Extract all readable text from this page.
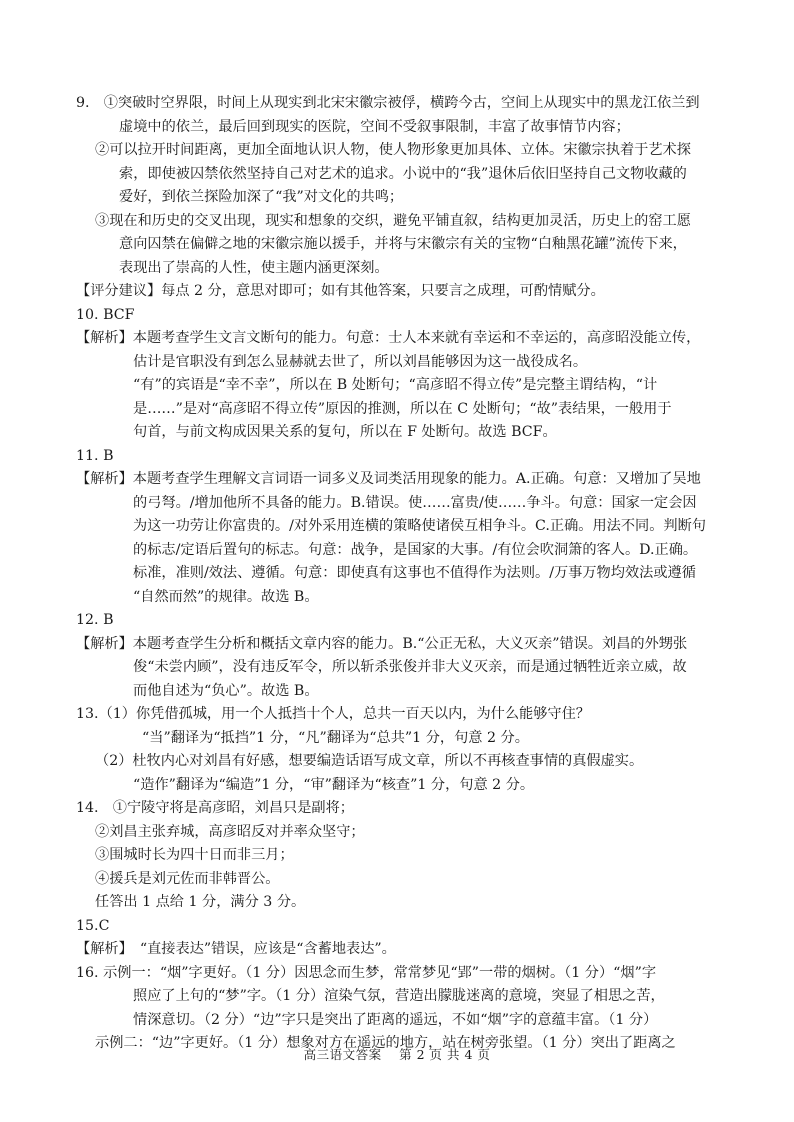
9.　①突破时空界限，时间上从现实到北宋宋徽宗被俘，横跨今古，空间上从现实中的黑龙江依兰到
虚境中的依兰，最后回到现实的医院，空间不受叙事限制，丰富了故事情节内容；
②可以拉开时间距离，更加全面地认识人物，使人物形象更加具体、立体。宋徽宗执着于艺术探
索，即使被囚禁依然坚持自己对艺术的追求。小说中的“我”退休后依旧坚持自己文物收藏的
爱好，到依兰探险加深了“我”对文化的共鸣；
③现在和历史的交叉出现，现实和想象的交织，避免平铺直叙，结构更加灵活，历史上的窑工愿
意向囚禁在偏僻之地的宋徽宗施以援手，并将与宋徽宗有关的宝物“白釉黑花罐”流传下来，
表现出了崇高的人性，使主题内涵更深刻。
【评分建议】每点 2 分，意思对即可；如有其他答案，只要言之成理，可酌情赋分。
10. BCF
【解析】本题考查学生文言文断句的能力。句意：士人本来就有幸运和不幸运的，高彦昭没能立传，
估计是官职没有到怎么显赫就去世了，所以刘昌能够因为这一战役成名。
“有”的宾语是“幸不幸”，所以在 B 处断句；“高彦昭不得立传”是完整主谓结构，“计
是……”是对“高彦昭不得立传”原因的推测，所以在 C 处断句；“故”表结果，一般用于
句首，与前文构成因果关系的复句，所以在 F 处断句。故选 BCF。
11. B
【解析】本题考查学生理解文言词语一词多义及词类活用现象的能力。A.正确。句意：又增加了吴地
的弓弩。/增加他所不具备的能力。B.错误。使……富贵/使……争斗。句意：国家一定会因
为这一功劳让你富贵的。/对外采用连横的策略使诸侯互相争斗。C.正确。用法不同。判断句
的标志/定语后置句的标志。句意：战争，是国家的大事。/有位会吹洞箫的客人。D.正确。
标准，准则/效法、遵循。句意：即使真有这事也不值得作为法则。/万事万物均效法或遵循
“自然而然”的规律。故选 B。
12. B
【解析】本题考查学生分析和概括文章内容的能力。B.“公正无私，大义灭亲”错误。刘昌的外甥张
俊“未尝内顾”，没有违反军令，所以斩杀张俊并非大义灭亲，而是通过牺牲近亲立威，故
而他自述为“负心”。故选 B。
13.（1）你凭借孤城，用一个人抵挡十个人，总共一百天以内，为什么能够守住？
“当”翻译为“抵挡”1 分，“凡”翻译为“总共”1 分，句意 2 分。
（2）杜牧内心对刘昌有好感，想要编造话语写成文章，所以不再核查事情的真假虚实。
“造作”翻译为“编造”1 分，“审”翻译为“核查”1 分，句意 2 分。
14.　①宁陵守将是高彦昭，刘昌只是副将；
②刘昌主张弃城，高彦昭反对并率众坚守；
③围城时长为四十日而非三月；
④援兵是刘元佐而非韩晋公。
任答出 1 点给 1 分，满分 3 分。
15.C
【解析】　“直接表达”错误，应该是“含蓄地表达”。
16. 示例一：“烟”字更好。（1 分）因思念而生梦，常常梦见“郢”一带的烟树。（1 分）“烟”字
照应了上句的“梦”字。（1 分）渲染气氛，营造出朦胧迷离的意境，突显了相思之苦，
情深意切。（2 分）“边”字只是突出了距离的遥远，不如“烟”字的意蕴丰富。（1 分）
示例二：“边”字更好。（1 分）想象对方在遥远的地方，站在树旁张望。（1 分）突出了距离之
高三语文答案　 第 2 页 共 4 页
